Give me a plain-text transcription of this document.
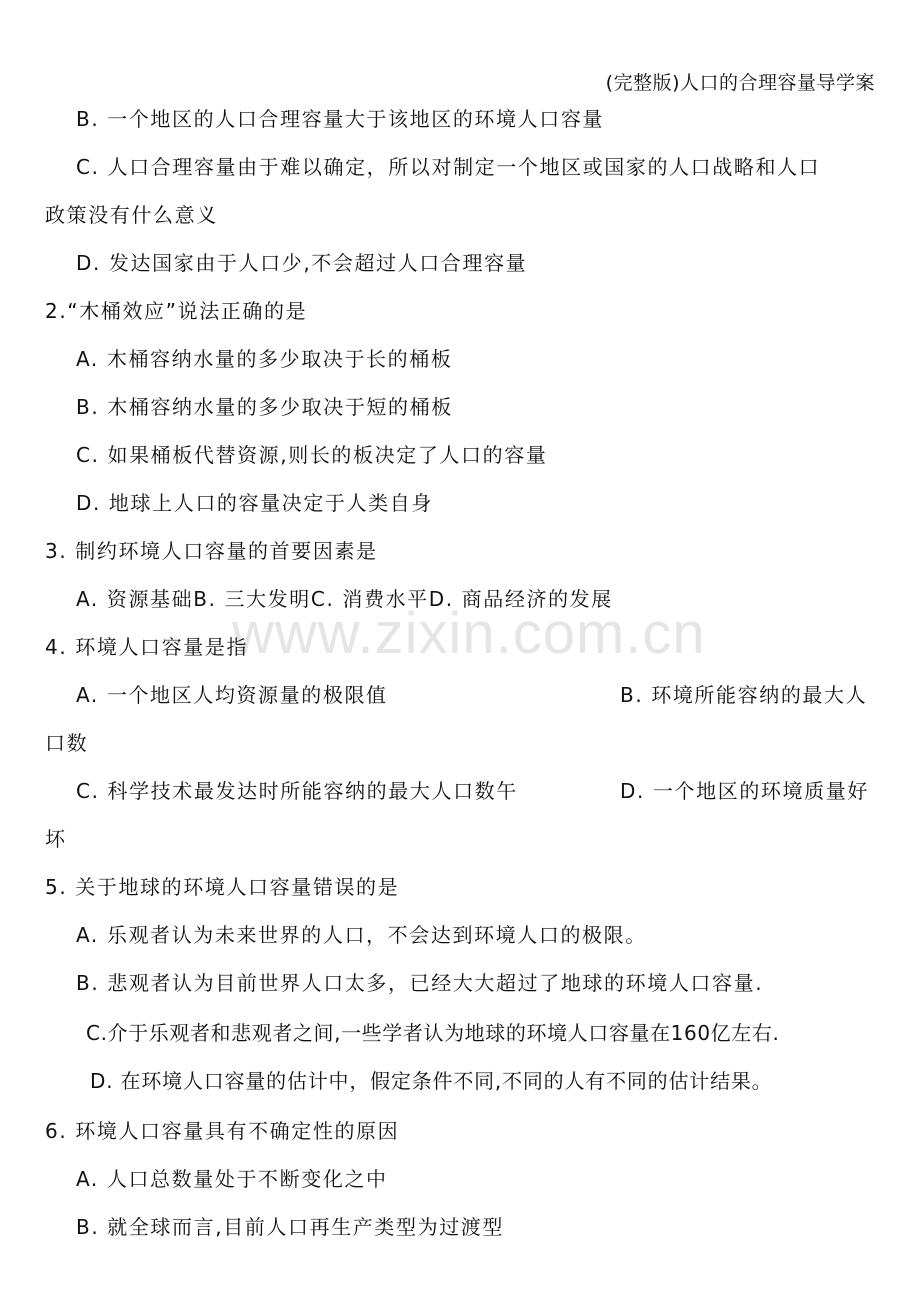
(完整版)人口的合理容量导学案
www.zixin.com.cn
B. 一个地区的人口合理容量大于该地区的环境人口容量
C. 人口合理容量由于难以确定，所以对制定一个地区或国家的人口战略和人口
政策没有什么意义
D. 发达国家由于人口少,不会超过人口合理容量
2.“木桶效应”说法正确的是
A. 木桶容纳水量的多少取决于长的桶板
B. 木桶容纳水量的多少取决于短的桶板
C. 如果桶板代替资源,则长的板决定了人口的容量
D. 地球上人口的容量决定于人类自身
3. 制约环境人口容量的首要因素是
A. 资源基础B. 三大发明C. 消费水平D. 商品经济的发展
4. 环境人口容量是指
A. 一个地区人均资源量的极限值	B. 环境所能容纳的最大人
口数
C. 科学技术最发达时所能容纳的最大人口数午	D. 一个地区的环境质量好
坏
5. 关于地球的环境人口容量错误的是
A. 乐观者认为未来世界的人口，不会达到环境人口的极限。
B. 悲观者认为目前世界人口太多，已经大大超过了地球的环境人口容量.
C.介于乐观者和悲观者之间,一些学者认为地球的环境人口容量在160亿左右.
D. 在环境人口容量的估计中，假定条件不同,不同的人有不同的估计结果。
6. 环境人口容量具有不确定性的原因
A. 人口总数量处于不断变化之中
B. 就全球而言,目前人口再生产类型为过渡型
